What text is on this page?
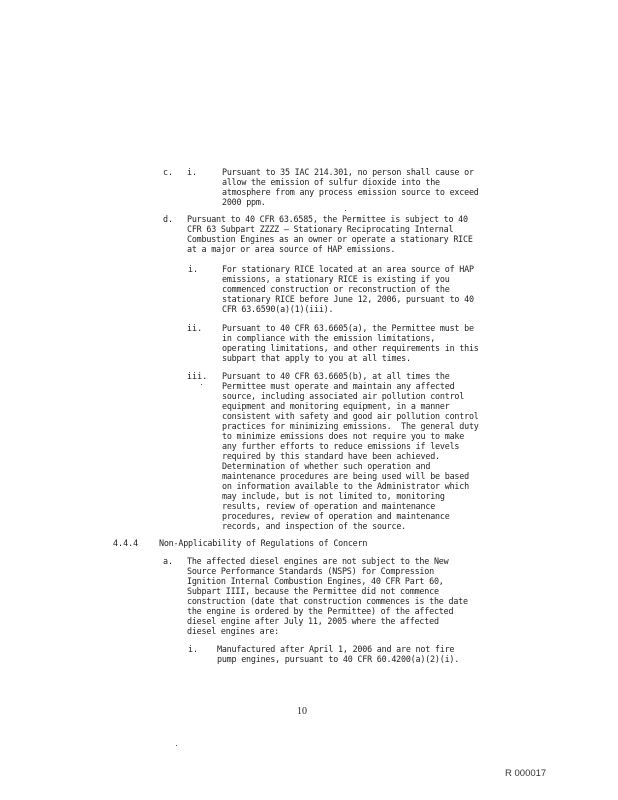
c. i.	Pursuant to 35 IAC 214.301, no person shall cause or
allow the emission of sulfur dioxide into the
atmosphere from any process emission source to exceed
2000 ppm.
d. Pursuant to 40 CFR 63.6585, the Permittee is subject to 40
CFR 63 Subpart ZZZZ — Stationary Reciprocating Internal
Combustion Engines as an owner or operate a stationary RICE
at a major or area source of HAP emissions.
i.	For stationary RICE located at an area source of HAP
emissions, a stationary RICE is existing if you
commenced construction or reconstruction of the
stationary RICE before June 12, 2006, pursuant to 40
CFR 63.6590(a)(1)(iii).
ii. Pursuant to 40 CFR 63.6605(a), the Permittee must be
in compliance with the emission limitations,
operating limitations, and other requirements in this
subpart that apply to you at all times.
iii. Pursuant to 40 CFR 63.6605(b), at all times the
Permittee must operate and maintain any affected
source, including associated air pollution control
equipment and monitoring equipment, in a manner
consistent with safety and good air pollution control
practices for minimizing emissions.  The general duty
to minimize emissions does not require you to make
any further efforts to reduce emissions if levels
required by this standard have been achieved.
Determination of whether such operation and
maintenance procedures are being used will be based
on information available to the Administrator which
may include, but is not limited to, monitoring
results, review of operation and maintenance
procedures, review of operation and maintenance
records, and inspection of the source.
4.4.4 Non-Applicability of Regulations of Concern
a. The affected diesel engines are not subject to the New
Source Performance Standards (NSPS) for Compression
Ignition Internal Combustion Engines, 40 CFR Part 60,
Subpart IIII, because the Permittee did not commence
construction (date that construction commences is the date
the engine is ordered by the Permittee) of the affected
diesel engine after July 11, 2005 where the affected
diesel engines are:
i. Manufactured after April 1, 2006 and are not fire
pump engines, pursuant to 40 CFR 60.4200(a)(2)(i).
10
R 000017
